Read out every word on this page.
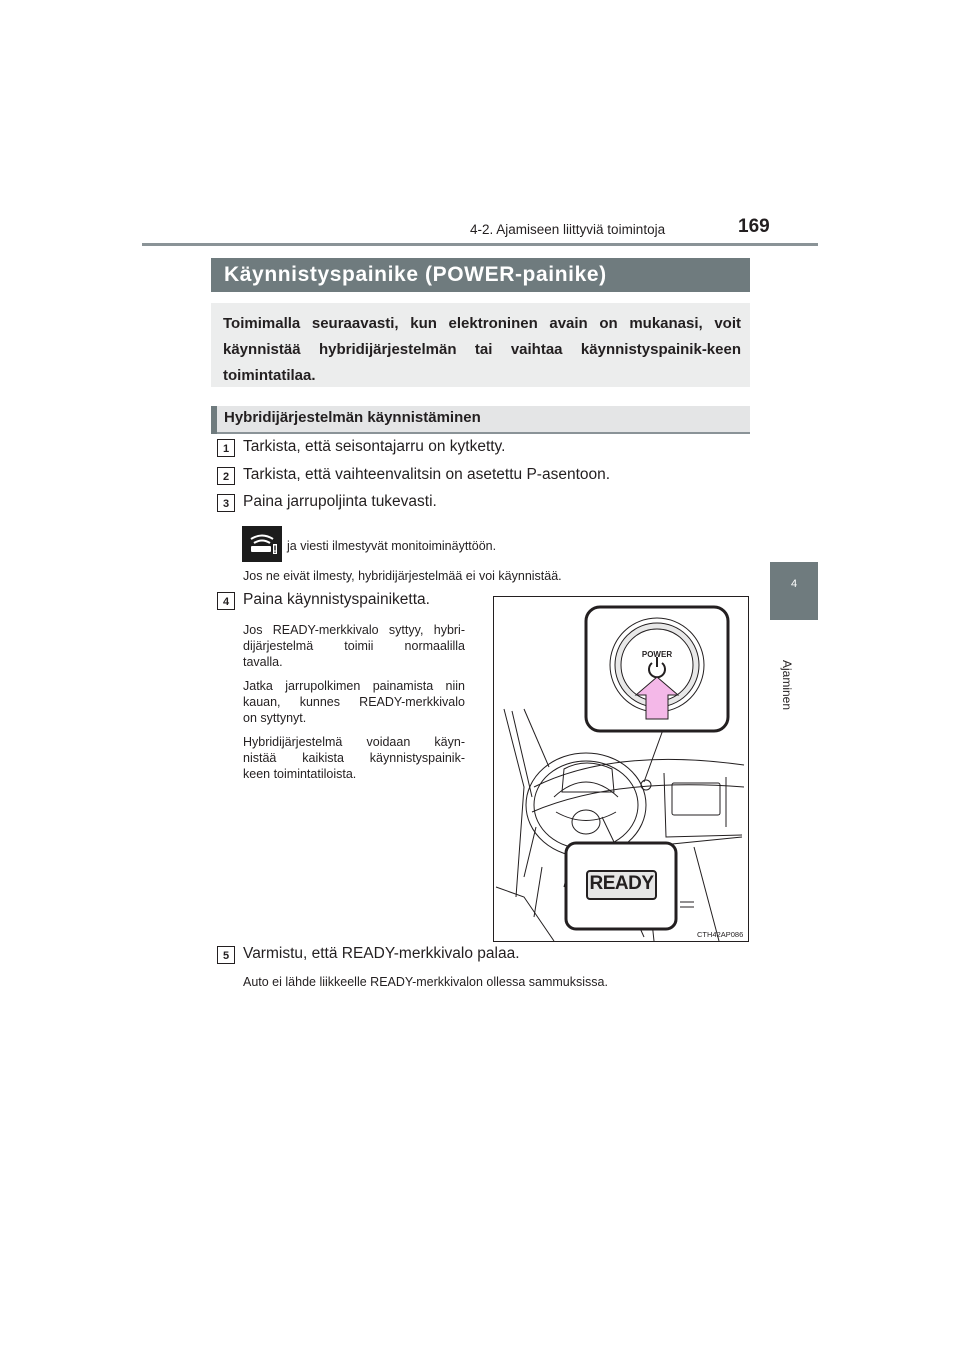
4-2. Ajamiseen liittyviä toimintoja	169
4
Ajaminen
Käynnistyspainike (POWER-painike)
Toimimalla seuraavasti, kun elektroninen avain on mukanasi, voit käynnistää hybridijärjestelmän tai vaihtaa käynnistyspainik-keen toimintatilaa.
Hybridijärjestelmän käynnistäminen
1 Tarkista, että seisontajarru on kytketty.
2 Tarkista, että vaihteenvalitsin on asetettu P-asentoon.
3 Paina jarrupoljinta tukevasti.
ja viesti ilmestyvät monitoiminäyttöön.
Jos ne eivät ilmesty, hybridijärjestelmää ei voi käynnistää.
4 Paina käynnistyspainiketta.
Jos READY-merkkivalo syttyy, hybri-
dijärjestelmä toimii normaalilla
tavalla.
Jatka jarrupolkimen painamista niin
kauan, kunnes READY-merkkivalo
on syttynyt.
Hybridijärjestelmä voidaan käyn-
nistää kaikista käynnistyspainik-
keen toimintatiloista.
POWER
READY
CTH42AP086
5 Varmistu, että READY-merkkivalo palaa.
Auto ei lähde liikkeelle READY-merkkivalon ollessa sammuksissa.
